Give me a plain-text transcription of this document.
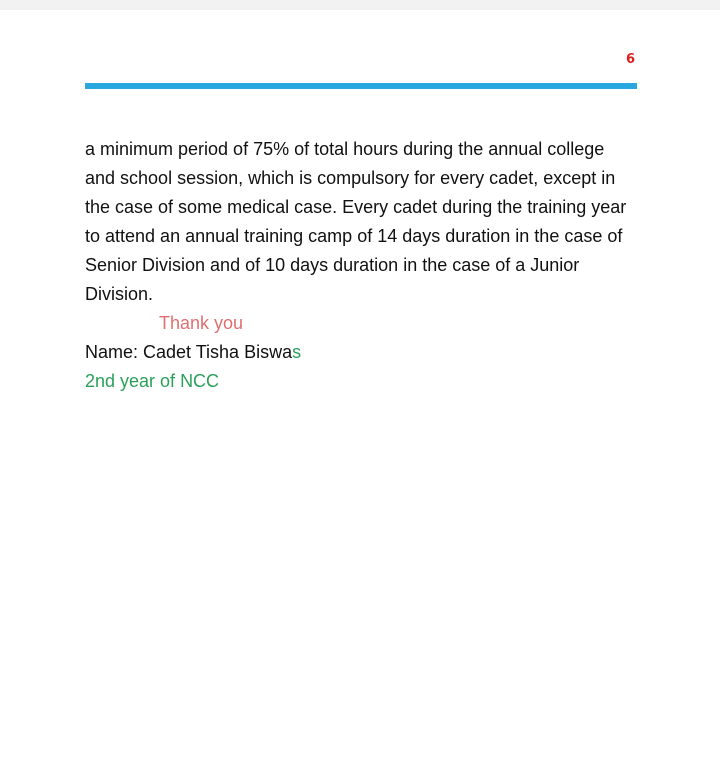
6

a minimum period of 75% of total hours during the annual college and school session, which is compulsory for every cadet, except in the case of some medical case. Every cadet during the training year to attend an annual training camp of 14 days duration in the case of Senior Division and of 10 days duration in the case of a Junior Division.

Thank you

Name: Cadet Tisha Biswas

2nd year of NCC
